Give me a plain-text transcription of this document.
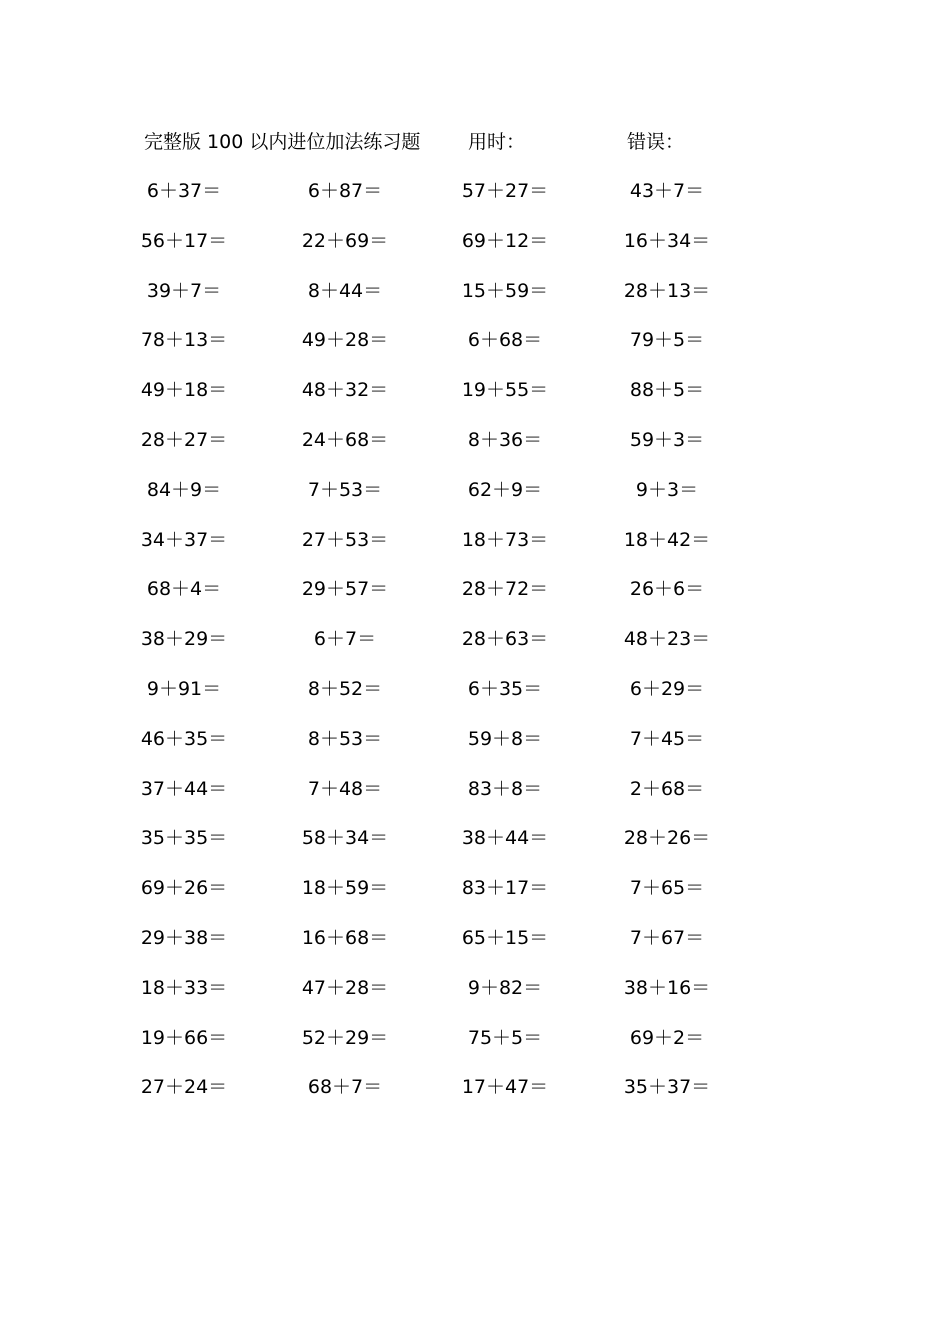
完整版 100 以内进位加法练习题	用时：	错误：
6＋37＝	6＋87＝	57＋27＝	43＋7＝
56＋17＝	22＋69＝	69＋12＝	16＋34＝
39＋7＝	8＋44＝	15＋59＝	28＋13＝
78＋13＝	49＋28＝	6＋68＝	79＋5＝
49＋18＝	48＋32＝	19＋55＝	88＋5＝
28＋27＝	24＋68＝	8＋36＝	59＋3＝
84＋9＝	7＋53＝	62＋9＝	9＋3＝
34＋37＝	27＋53＝	18＋73＝	18＋42＝
68＋4＝	29＋57＝	28＋72＝	26＋6＝
38＋29＝	6＋7＝	28＋63＝	48＋23＝
9＋91＝	8＋52＝	6＋35＝	6＋29＝
46＋35＝	8＋53＝	59＋8＝	7＋45＝
37＋44＝	7＋48＝	83＋8＝	2＋68＝
35＋35＝	58＋34＝	38＋44＝	28＋26＝
69＋26＝	18＋59＝	83＋17＝	7＋65＝
29＋38＝	16＋68＝	65＋15＝	7＋67＝
18＋33＝	47＋28＝	9＋82＝	38＋16＝
19＋66＝	52＋29＝	75＋5＝	69＋2＝
27＋24＝	68＋7＝	17＋47＝	35＋37＝
